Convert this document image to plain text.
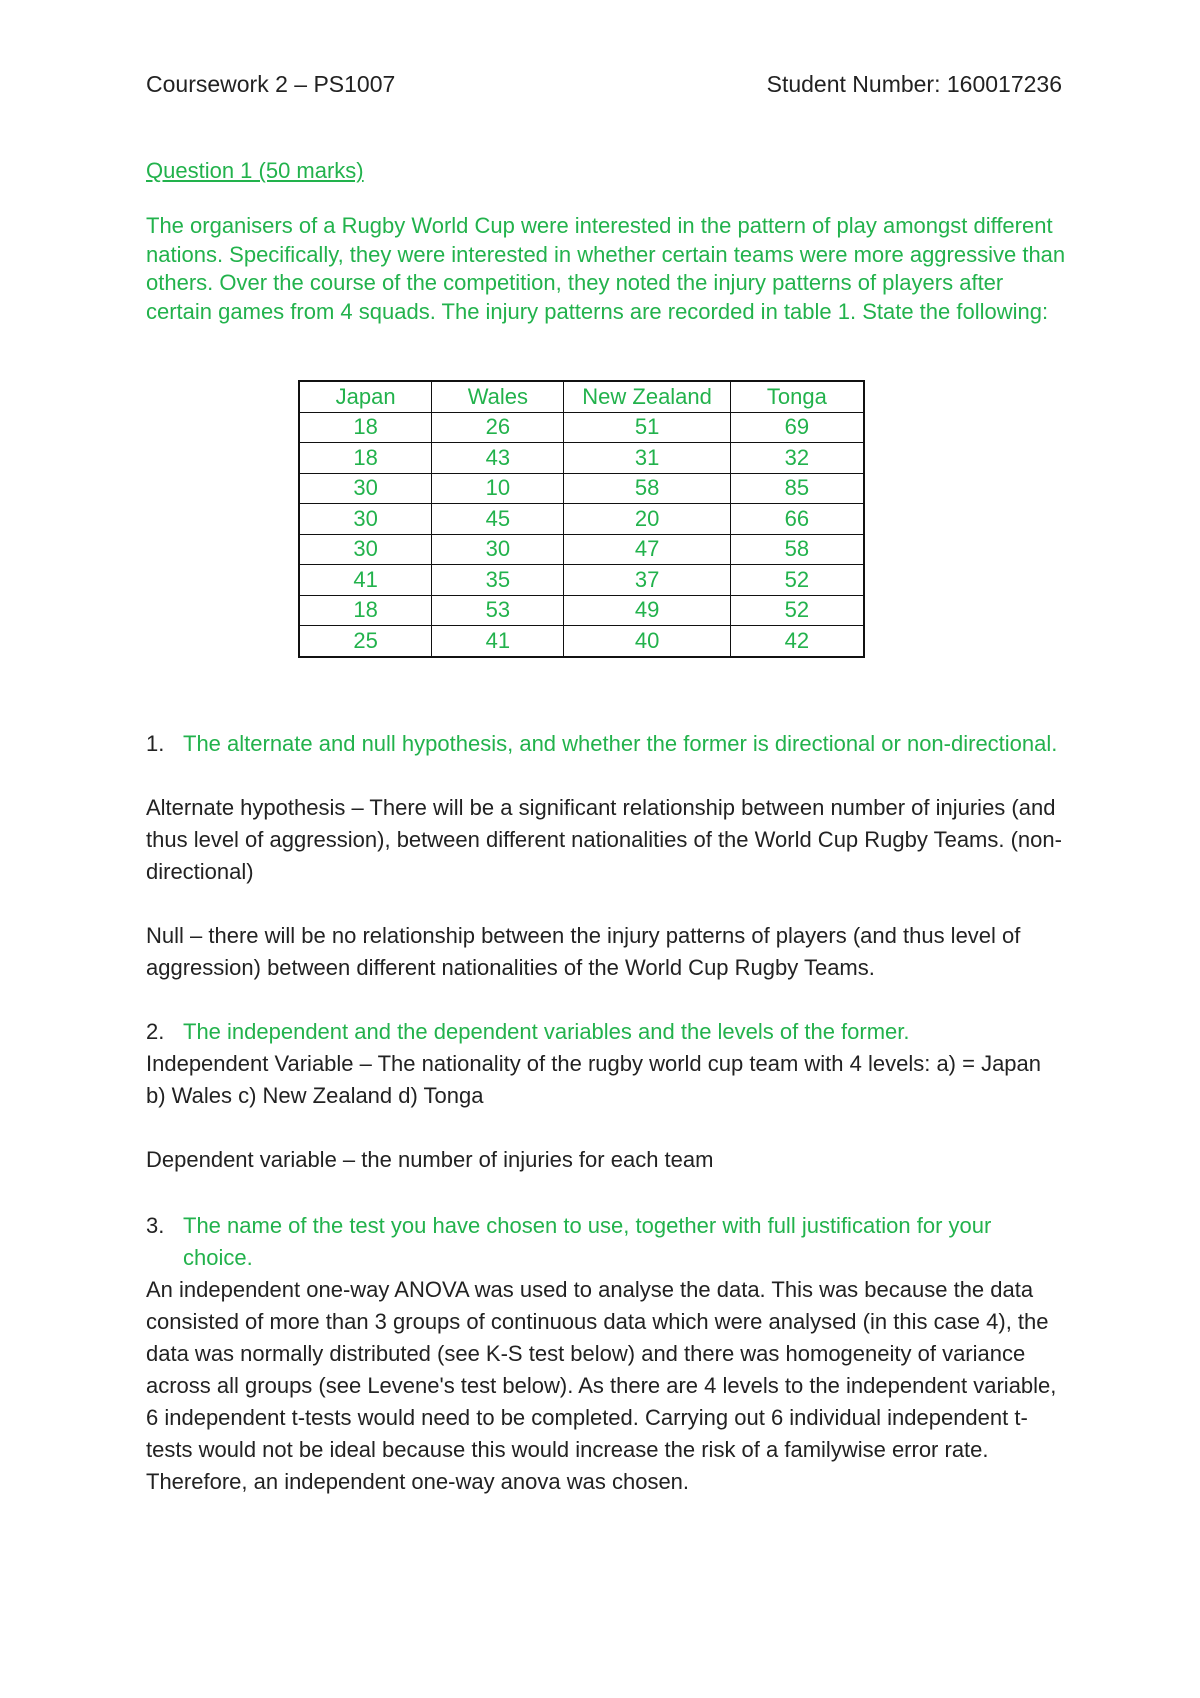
Coursework 2 – PS1007	Student Number: 160017236
Question 1 (50 marks)
The organisers of a Rugby World Cup were interested in the pattern of play amongst different nations. Specifically, they were interested in whether certain teams were more aggressive than others. Over the course of the competition, they noted the injury patterns of players after certain games from 4 squads. The injury patterns are recorded in table 1. State the following:
Japan	Wales	New Zealand	Tonga
18	26	51	69
18	43	31	32
30	10	58	85
30	45	20	66
30	30	47	58
41	35	37	52
18	53	49	52
25	41	40	42
1. The alternate and null hypothesis, and whether the former is directional or non-directional.
Alternate hypothesis – There will be a significant relationship between number of injuries (and thus level of aggression), between different nationalities of the World Cup Rugby Teams. (non-directional)
Null – there will be no relationship between the injury patterns of players (and thus level of aggression) between different nationalities of the World Cup Rugby Teams.
2. The independent and the dependent variables and the levels of the former.
Independent Variable – The nationality of the rugby world cup team with 4 levels: a) = Japan b) Wales c) New Zealand d) Tonga
Dependent variable – the number of injuries for each team
3. The name of the test you have chosen to use, together with full justification for your choice.
An independent one-way ANOVA was used to analyse the data. This was because the data consisted of more than 3 groups of continuous data which were analysed (in this case 4), the data was normally distributed (see K-S test below) and there was homogeneity of variance across all groups (see Levene's test below). As there are 4 levels to the independent variable, 6 independent t-tests would need to be completed. Carrying out 6 individual independent t-tests would not be ideal because this would increase the risk of a familywise error rate. Therefore, an independent one-way anova was chosen.
